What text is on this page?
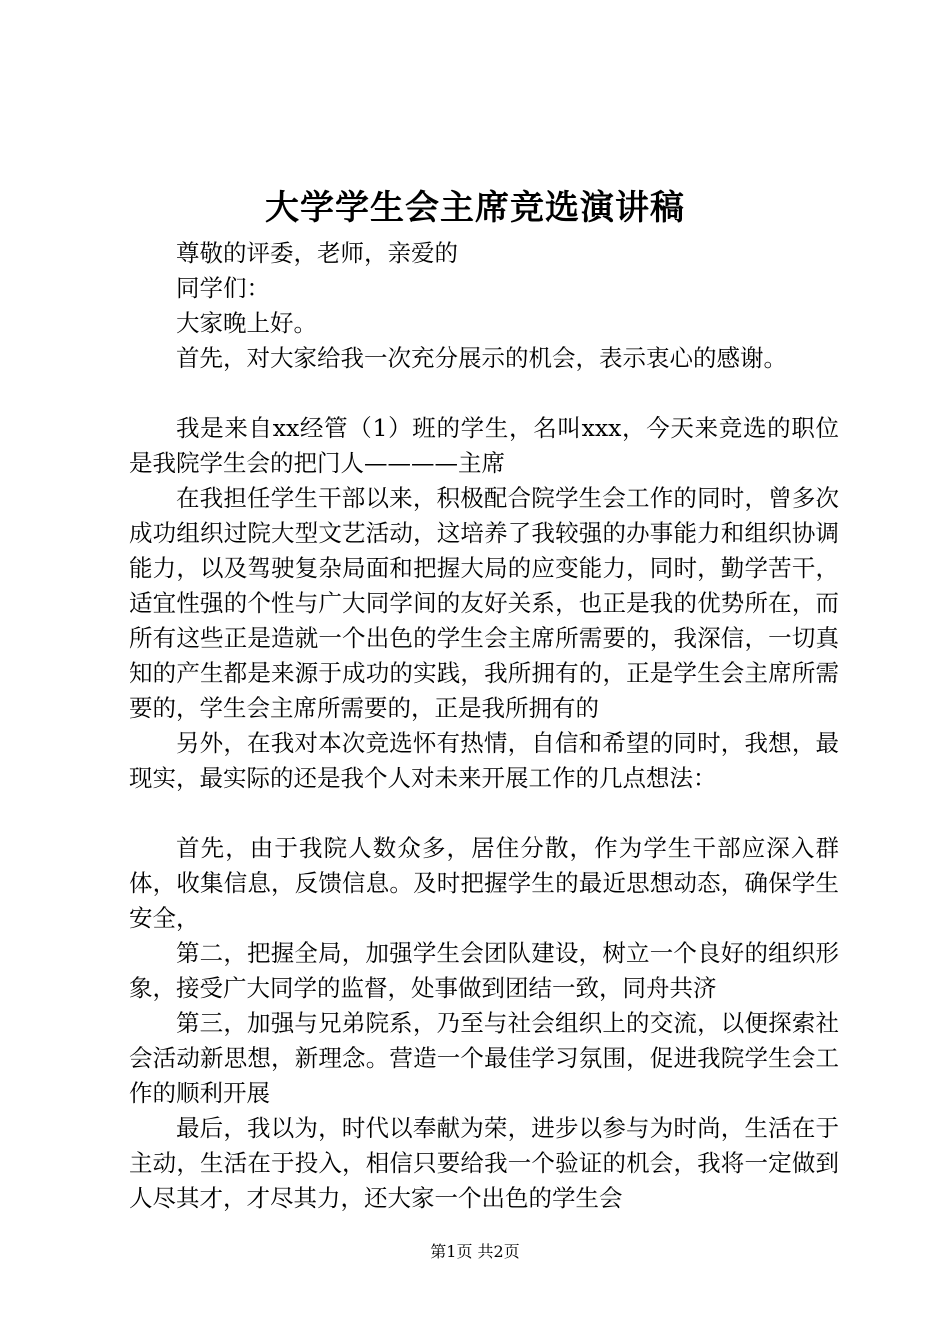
大学学生会主席竞选演讲稿

尊敬的评委，老师，亲爱的

同学们：

大家晚上好。

首先，对大家给我一次充分展示的机会，表示衷心的感谢。

我是来自xx经管（1）班的学生，名叫xxx，今天来竞选的职位是我院学生会的把门人————主席

在我担任学生干部以来，积极配合院学生会工作的同时，曾多次成功组织过院大型文艺活动，这培养了我较强的办事能力和组织协调能力，以及驾驶复杂局面和把握大局的应变能力，同时，勤学苦干，适宜性强的个性与广大同学间的友好关系，也正是我的优势所在，而所有这些正是造就一个出色的学生会主席所需要的，我深信，一切真知的产生都是来源于成功的实践，我所拥有的，正是学生会主席所需要的，学生会主席所需要的，正是我所拥有的

另外，在我对本次竞选怀有热情，自信和希望的同时，我想，最现实，最实际的还是我个人对未来开展工作的几点想法：

首先，由于我院人数众多，居住分散，作为学生干部应深入群体，收集信息，反馈信息。及时把握学生的最近思想动态，确保学生安全，

第二，把握全局，加强学生会团队建设，树立一个良好的组织形象，接受广大同学的监督，处事做到团结一致，同舟共济

第三，加强与兄弟院系，乃至与社会组织上的交流，以便探索社会活动新思想，新理念。营造一个最佳学习氛围，促进我院学生会工作的顺利开展

最后，我以为，时代以奉献为荣，进步以参与为时尚，生活在于主动，生活在于投入，相信只要给我一个验证的机会，我将一定做到人尽其才，才尽其力，还大家一个出色的学生会

第1页 共2页
